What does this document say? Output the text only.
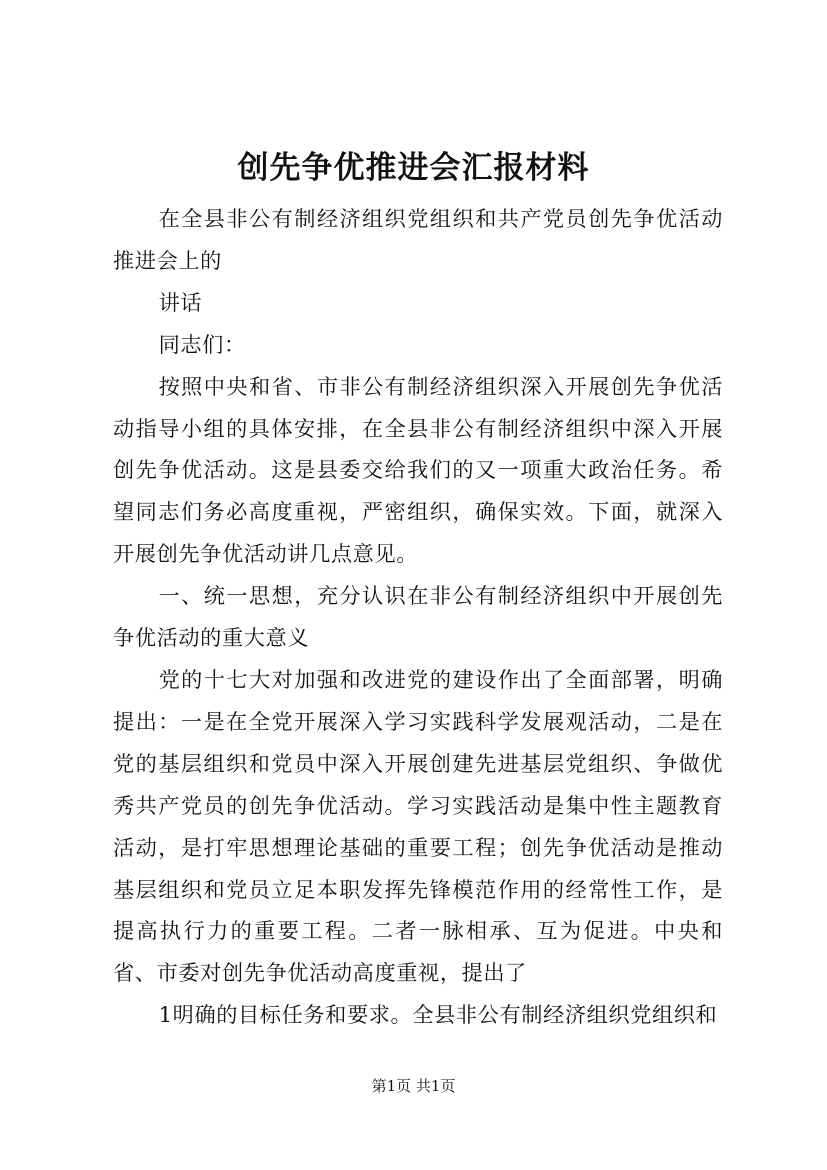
创先争优推进会汇报材料

在全县非公有制经济组织党组织和共产党员创先争优活动推进会上的

讲话

同志们：

按照中央和省、市非公有制经济组织深入开展创先争优活动指导小组的具体安排，在全县非公有制经济组织中深入开展创先争优活动。这是县委交给我们的又一项重大政治任务。希望同志们务必高度重视，严密组织，确保实效。下面，就深入开展创先争优活动讲几点意见。

一、统一思想，充分认识在非公有制经济组织中开展创先争优活动的重大意义

党的十七大对加强和改进党的建设作出了全面部署，明确提出：一是在全党开展深入学习实践科学发展观活动，二是在党的基层组织和党员中深入开展创建先进基层党组织、争做优秀共产党员的创先争优活动。学习实践活动是集中性主题教育活动，是打牢思想理论基础的重要工程；创先争优活动是推动基层组织和党员立足本职发挥先锋模范作用的经常性工作，是提高执行力的重要工程。二者一脉相承、互为促进。中央和省、市委对创先争优活动高度重视，提出了

1明确的目标任务和要求。全县非公有制经济组织党组织和

第1页 共1页
